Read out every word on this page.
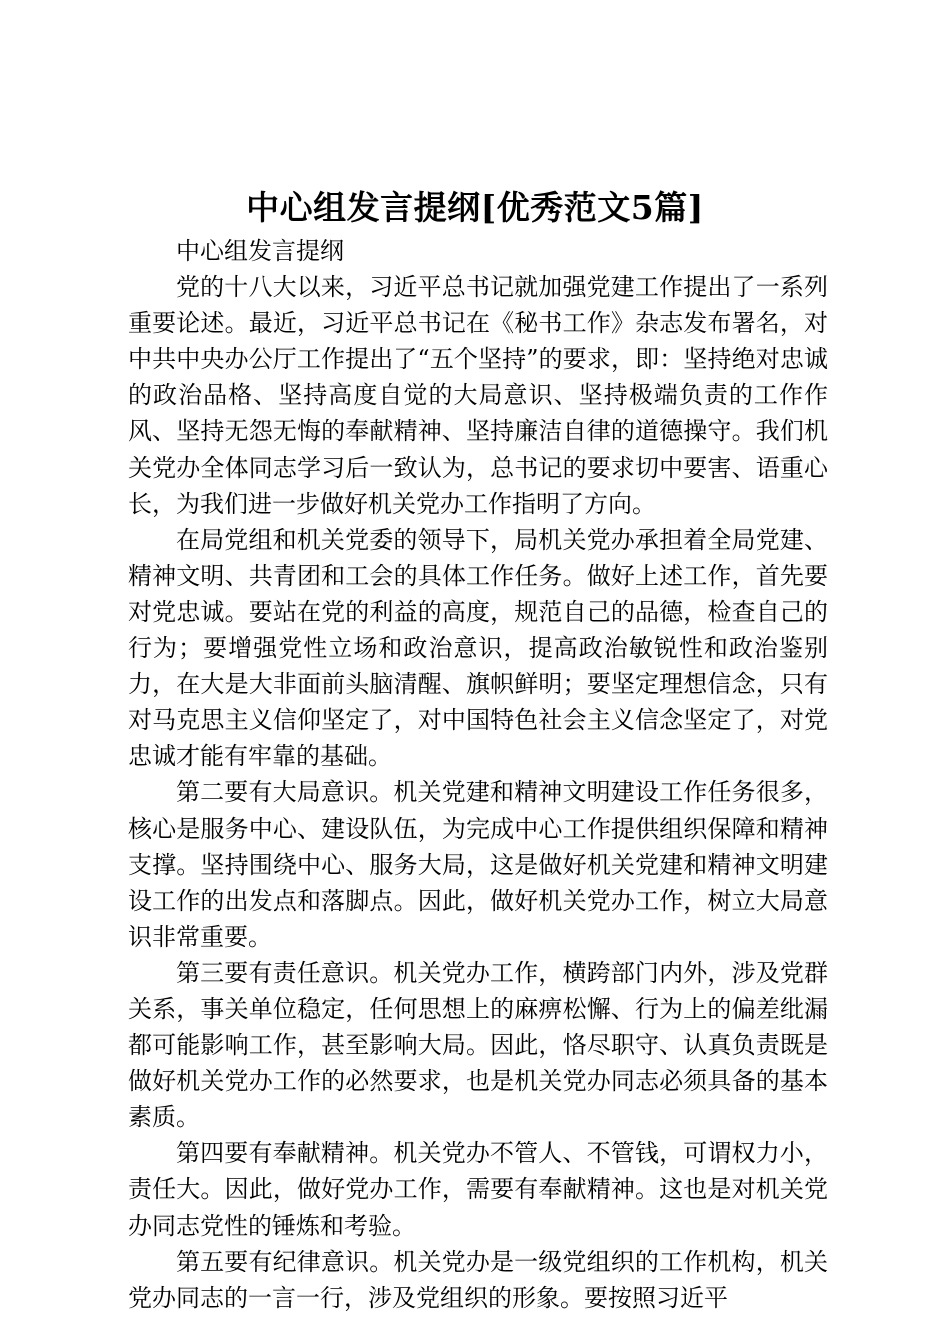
中心组发言提纲[优秀范文5篇]

中心组发言提纲

党的十八大以来，习近平总书记就加强党建工作提出了一系列重要论述。最近，习近平总书记在《秘书工作》杂志发布署名，对中共中央办公厅工作提出了“五个坚持”的要求，即：坚持绝对忠诚的政治品格、坚持高度自觉的大局意识、坚持极端负责的工作作风、坚持无怨无悔的奉献精神、坚持廉洁自律的道德操守。我们机关党办全体同志学习后一致认为，总书记的要求切中要害、语重心长，为我们进一步做好机关党办工作指明了方向。

在局党组和机关党委的领导下，局机关党办承担着全局党建、精神文明、共青团和工会的具体工作任务。做好上述工作，首先要对党忠诚。要站在党的利益的高度，规范自己的品德，检查自己的行为；要增强党性立场和政治意识，提高政治敏锐性和政治鉴别力，在大是大非面前头脑清醒、旗帜鲜明；要坚定理想信念，只有对马克思主义信仰坚定了，对中国特色社会主义信念坚定了，对党忠诚才能有牢靠的基础。

第二要有大局意识。机关党建和精神文明建设工作任务很多，核心是服务中心、建设队伍，为完成中心工作提供组织保障和精神支撑。坚持围绕中心、服务大局，这是做好机关党建和精神文明建设工作的出发点和落脚点。因此，做好机关党办工作，树立大局意识非常重要。

第三要有责任意识。机关党办工作，横跨部门内外，涉及党群关系，事关单位稳定，任何思想上的麻痹松懈、行为上的偏差纰漏都可能影响工作，甚至影响大局。因此，恪尽职守、认真负责既是做好机关党办工作的必然要求，也是机关党办同志必须具备的基本素质。

第四要有奉献精神。机关党办不管人、不管钱，可谓权力小，责任大。因此，做好党办工作，需要有奉献精神。这也是对机关党办同志党性的锤炼和考验。

第五要有纪律意识。机关党办是一级党组织的工作机构，机关党办同志的一言一行，涉及党组织的形象。要按照习近平
